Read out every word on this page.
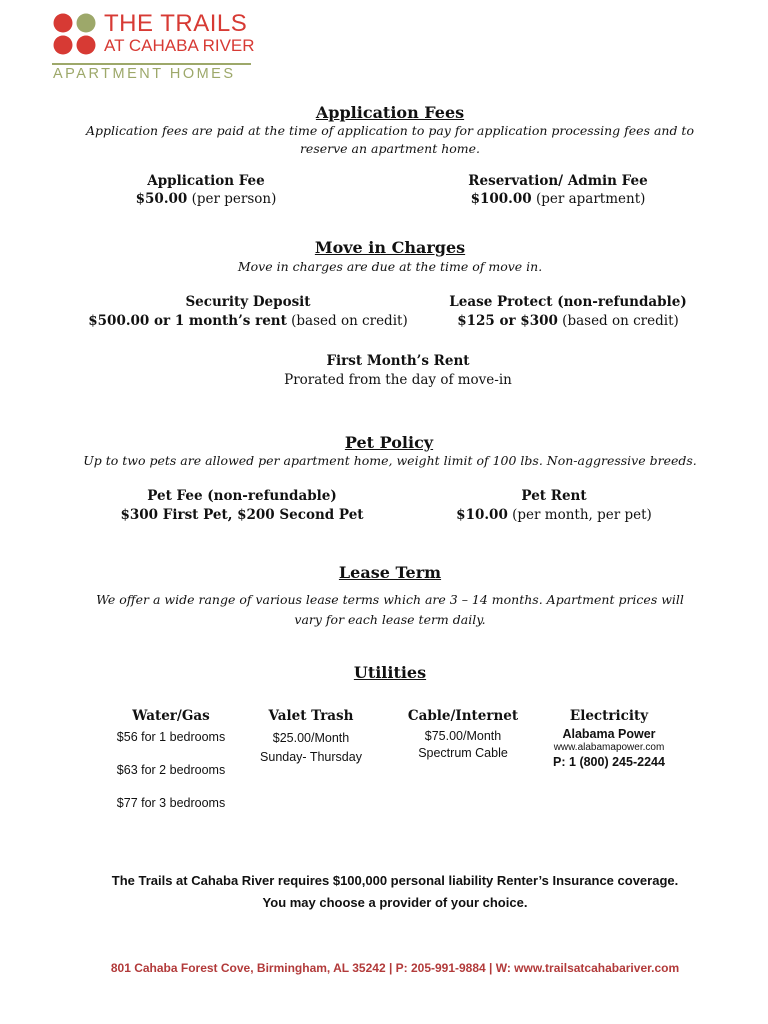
THE TRAILS
AT CAHABA RIVER
APARTMENT HOMES
Application Fees
Application fees are paid at the time of application to pay for application processing fees and to reserve an apartment home.
Application Fee
$50.00 (per person)
Reservation/ Admin Fee
$100.00 (per apartment)
Move in Charges
Move in charges are due at the time of move in.
Security Deposit
$500.00 or 1 month’s rent (based on credit)
Lease Protect (non-refundable)
$125 or $300 (based on credit)
First Month’s Rent
Prorated from the day of move-in
Pet Policy
Up to two pets are allowed per apartment home, weight limit of 100 lbs. Non-aggressive breeds.
Pet Fee (non-refundable)
$300 First Pet, $200 Second Pet
Pet Rent
$10.00 (per month, per pet)
Lease Term
We offer a wide range of various lease terms which are 3 – 14 months. Apartment prices will vary for each lease term daily.
Utilities
Water/Gas
$56 for 1 bedrooms
$63 for 2 bedrooms
$77 for 3 bedrooms
Valet Trash
$25.00/Month
Sunday- Thursday
Cable/Internet
$75.00/Month
Spectrum Cable
Electricity
Alabama Power
www.alabamapower.com
P: 1 (800) 245-2244
The Trails at Cahaba River requires $100,000 personal liability Renter’s Insurance coverage.
You may choose a provider of your choice.
801 Cahaba Forest Cove, Birmingham, AL 35242 | P: 205-991-9884 | W: www.trailsatcahabariver.com
